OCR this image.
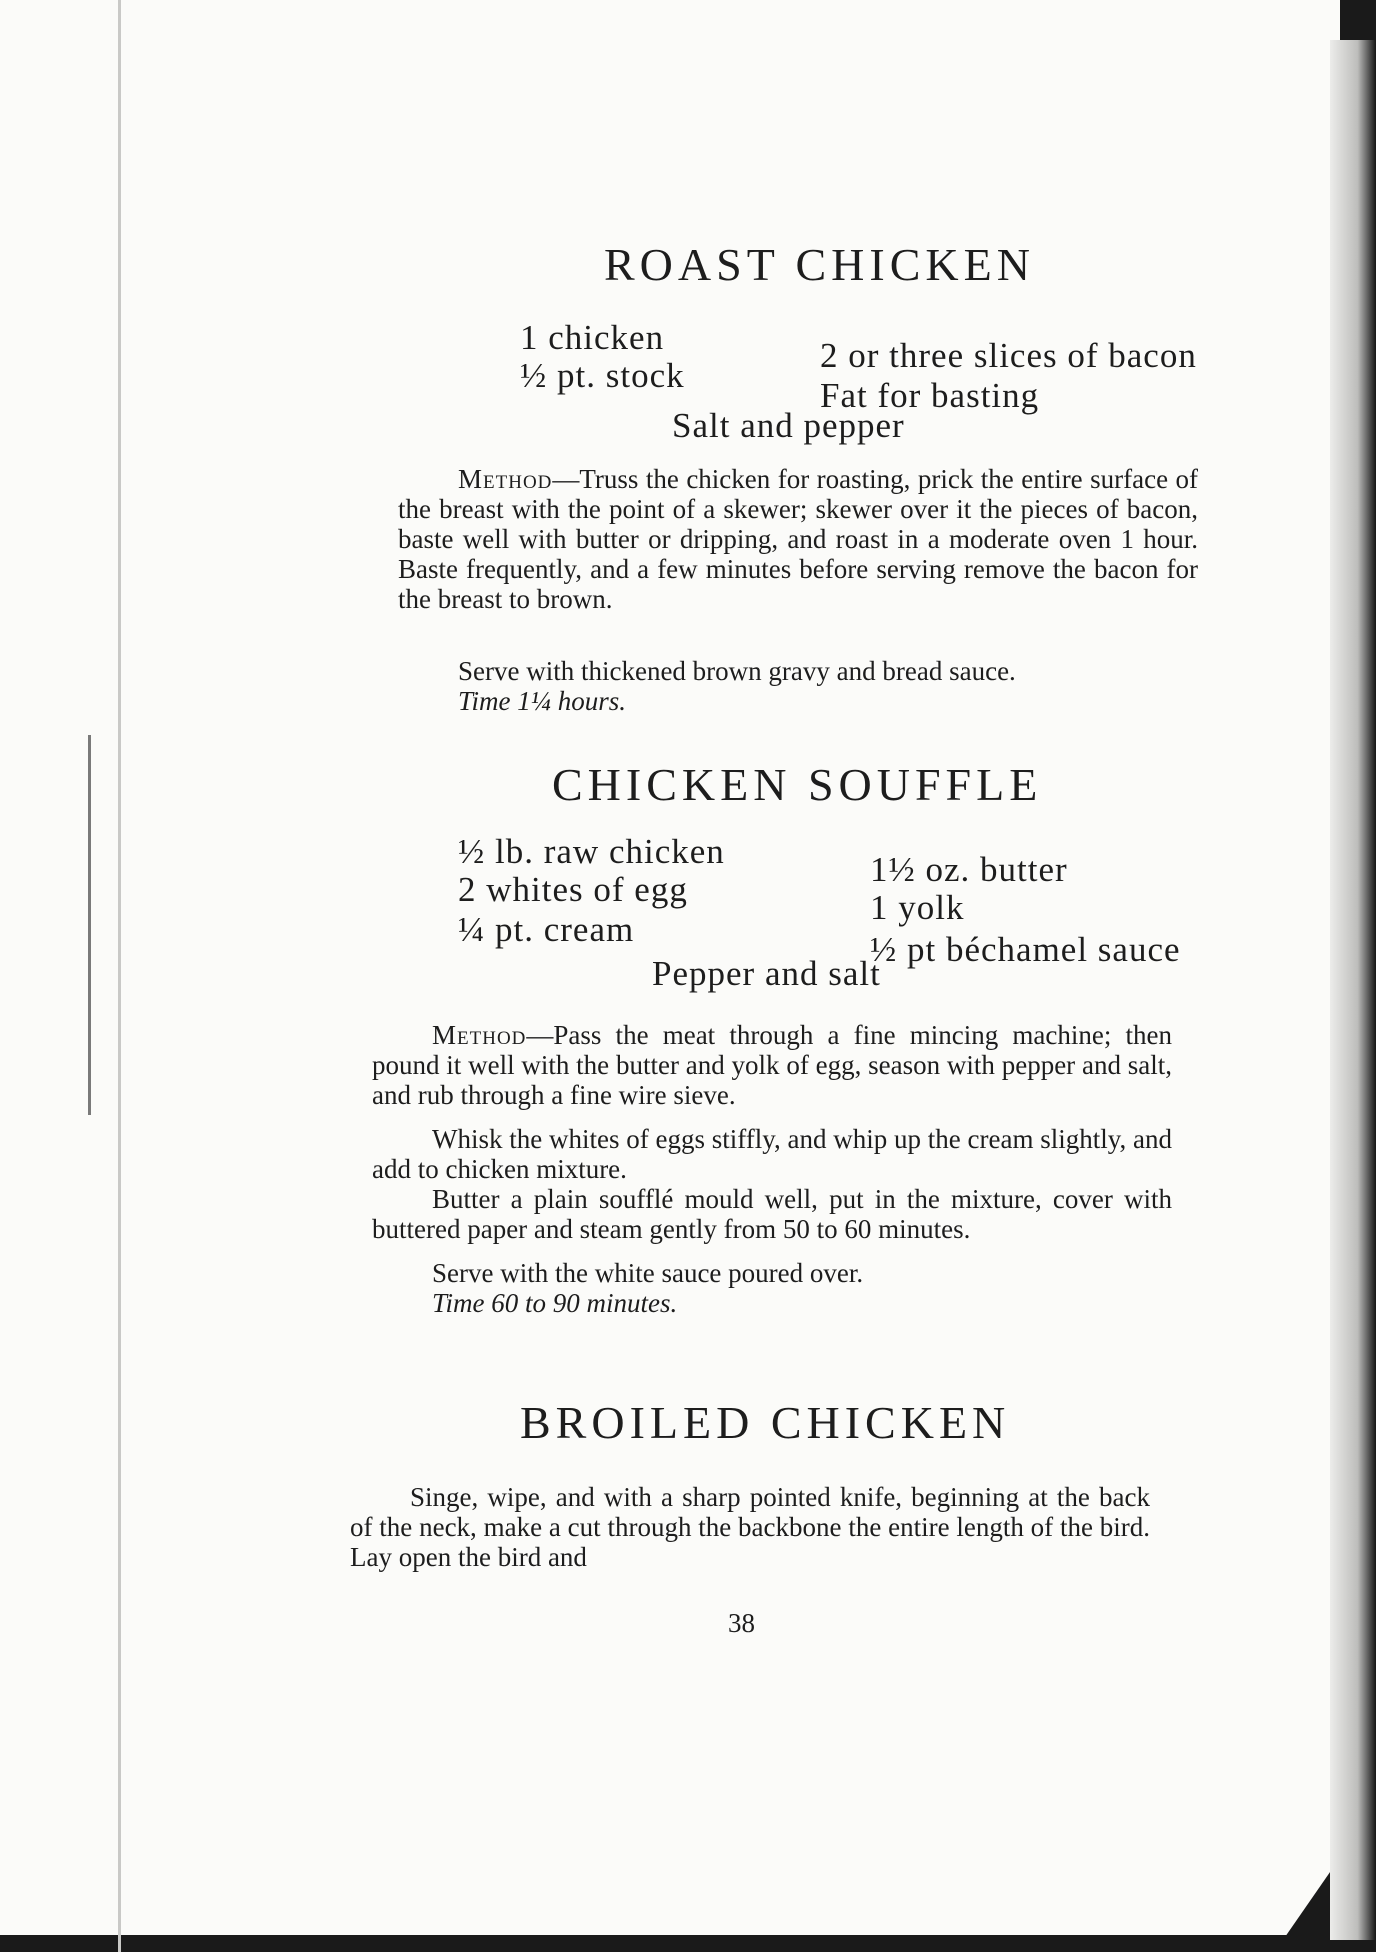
ROAST CHICKEN
1 chicken
½ pt. stock
2 or three slices of bacon
Fat for basting
Salt and pepper

Method—Truss the chicken for roasting, prick the entire surface of the breast with the point of a skewer; skewer over it the pieces of bacon, baste well with butter or dripping, and roast in a moderate oven 1 hour. Baste frequently, and a few minutes before serving remove the bacon for the breast to brown.

Serve with thickened brown gravy and bread sauce.

Time 1¼ hours.

CHICKEN SOUFFLE
½ lb. raw chicken
2 whites of egg
¼ pt. cream
1½ oz. butter
1 yolk
½ pt béchamel sauce
Pepper and salt

Method—Pass the meat through a fine mincing machine; then pound it well with the butter and yolk of egg, season with pepper and salt, and rub through a fine wire sieve.

Whisk the whites of eggs stiffly, and whip up the cream slightly, and add to chicken mixture.

Butter a plain soufflé mould well, put in the mixture, cover with buttered paper and steam gently from 50 to 60 minutes.

Serve with the white sauce poured over.

Time 60 to 90 minutes.

BROILED CHICKEN

Singe, wipe, and with a sharp pointed knife, beginning at the back of the neck, make a cut through the backbone the entire length of the bird. Lay open the bird and

38
